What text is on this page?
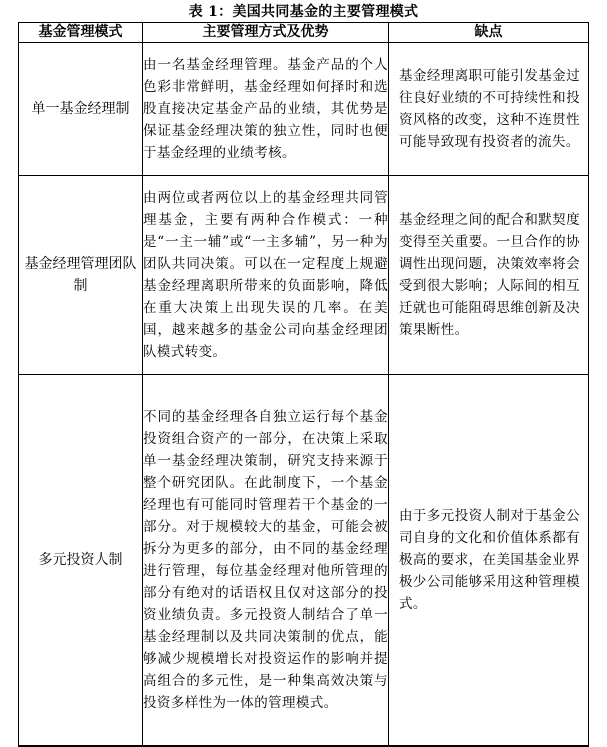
表 1：美国共同基金的主要管理模式
基金管理模式	主要管理方式及优势	缺点
单一基金经理制	由一名基金经理管理。基金产品的个人色彩非常鲜明，基金经理如何择时和选股直接决定基金产品的业绩，其优势是保证基金经理决策的独立性，同时也便于基金经理的业绩考核。	基金经理离职可能引发基金过往良好业绩的不可持续性和投资风格的改变，这种不连贯性可能导致现有投资者的流失。
基金经理管理团队制	由两位或者两位以上的基金经理共同管理基金，主要有两种合作模式：一种是“一主一辅”或“一主多辅”，另一种为团队共同决策。可以在一定程度上规避基金经理离职所带来的负面影响，降低在重大决策上出现失误的几率。在美国，越来越多的基金公司向基金经理团队模式转变。	基金经理之间的配合和默契度变得至关重要。一旦合作的协调性出现问题，决策效率将会受到很大影响；人际间的相互迁就也可能阻碍思维创新及决策果断性。
多元投资人制	不同的基金经理各自独立运行每个基金投资组合资产的一部分，在决策上采取单一基金经理决策制，研究支持来源于整个研究团队。在此制度下，一个基金经理也有可能同时管理若干个基金的一部分。对于规模较大的基金，可能会被拆分为更多的部分，由不同的基金经理进行管理，每位基金经理对他所管理的部分有绝对的话语权且仅对这部分的投资业绩负责。多元投资人制结合了单一基金经理制以及共同决策制的优点，能够减少规模增长对投资运作的影响并提高组合的多元性，是一种集高效决策与投资多样性为一体的管理模式。	由于多元投资人制对于基金公司自身的文化和价值体系都有极高的要求，在美国基金业界极少公司能够采用这种管理模式。
